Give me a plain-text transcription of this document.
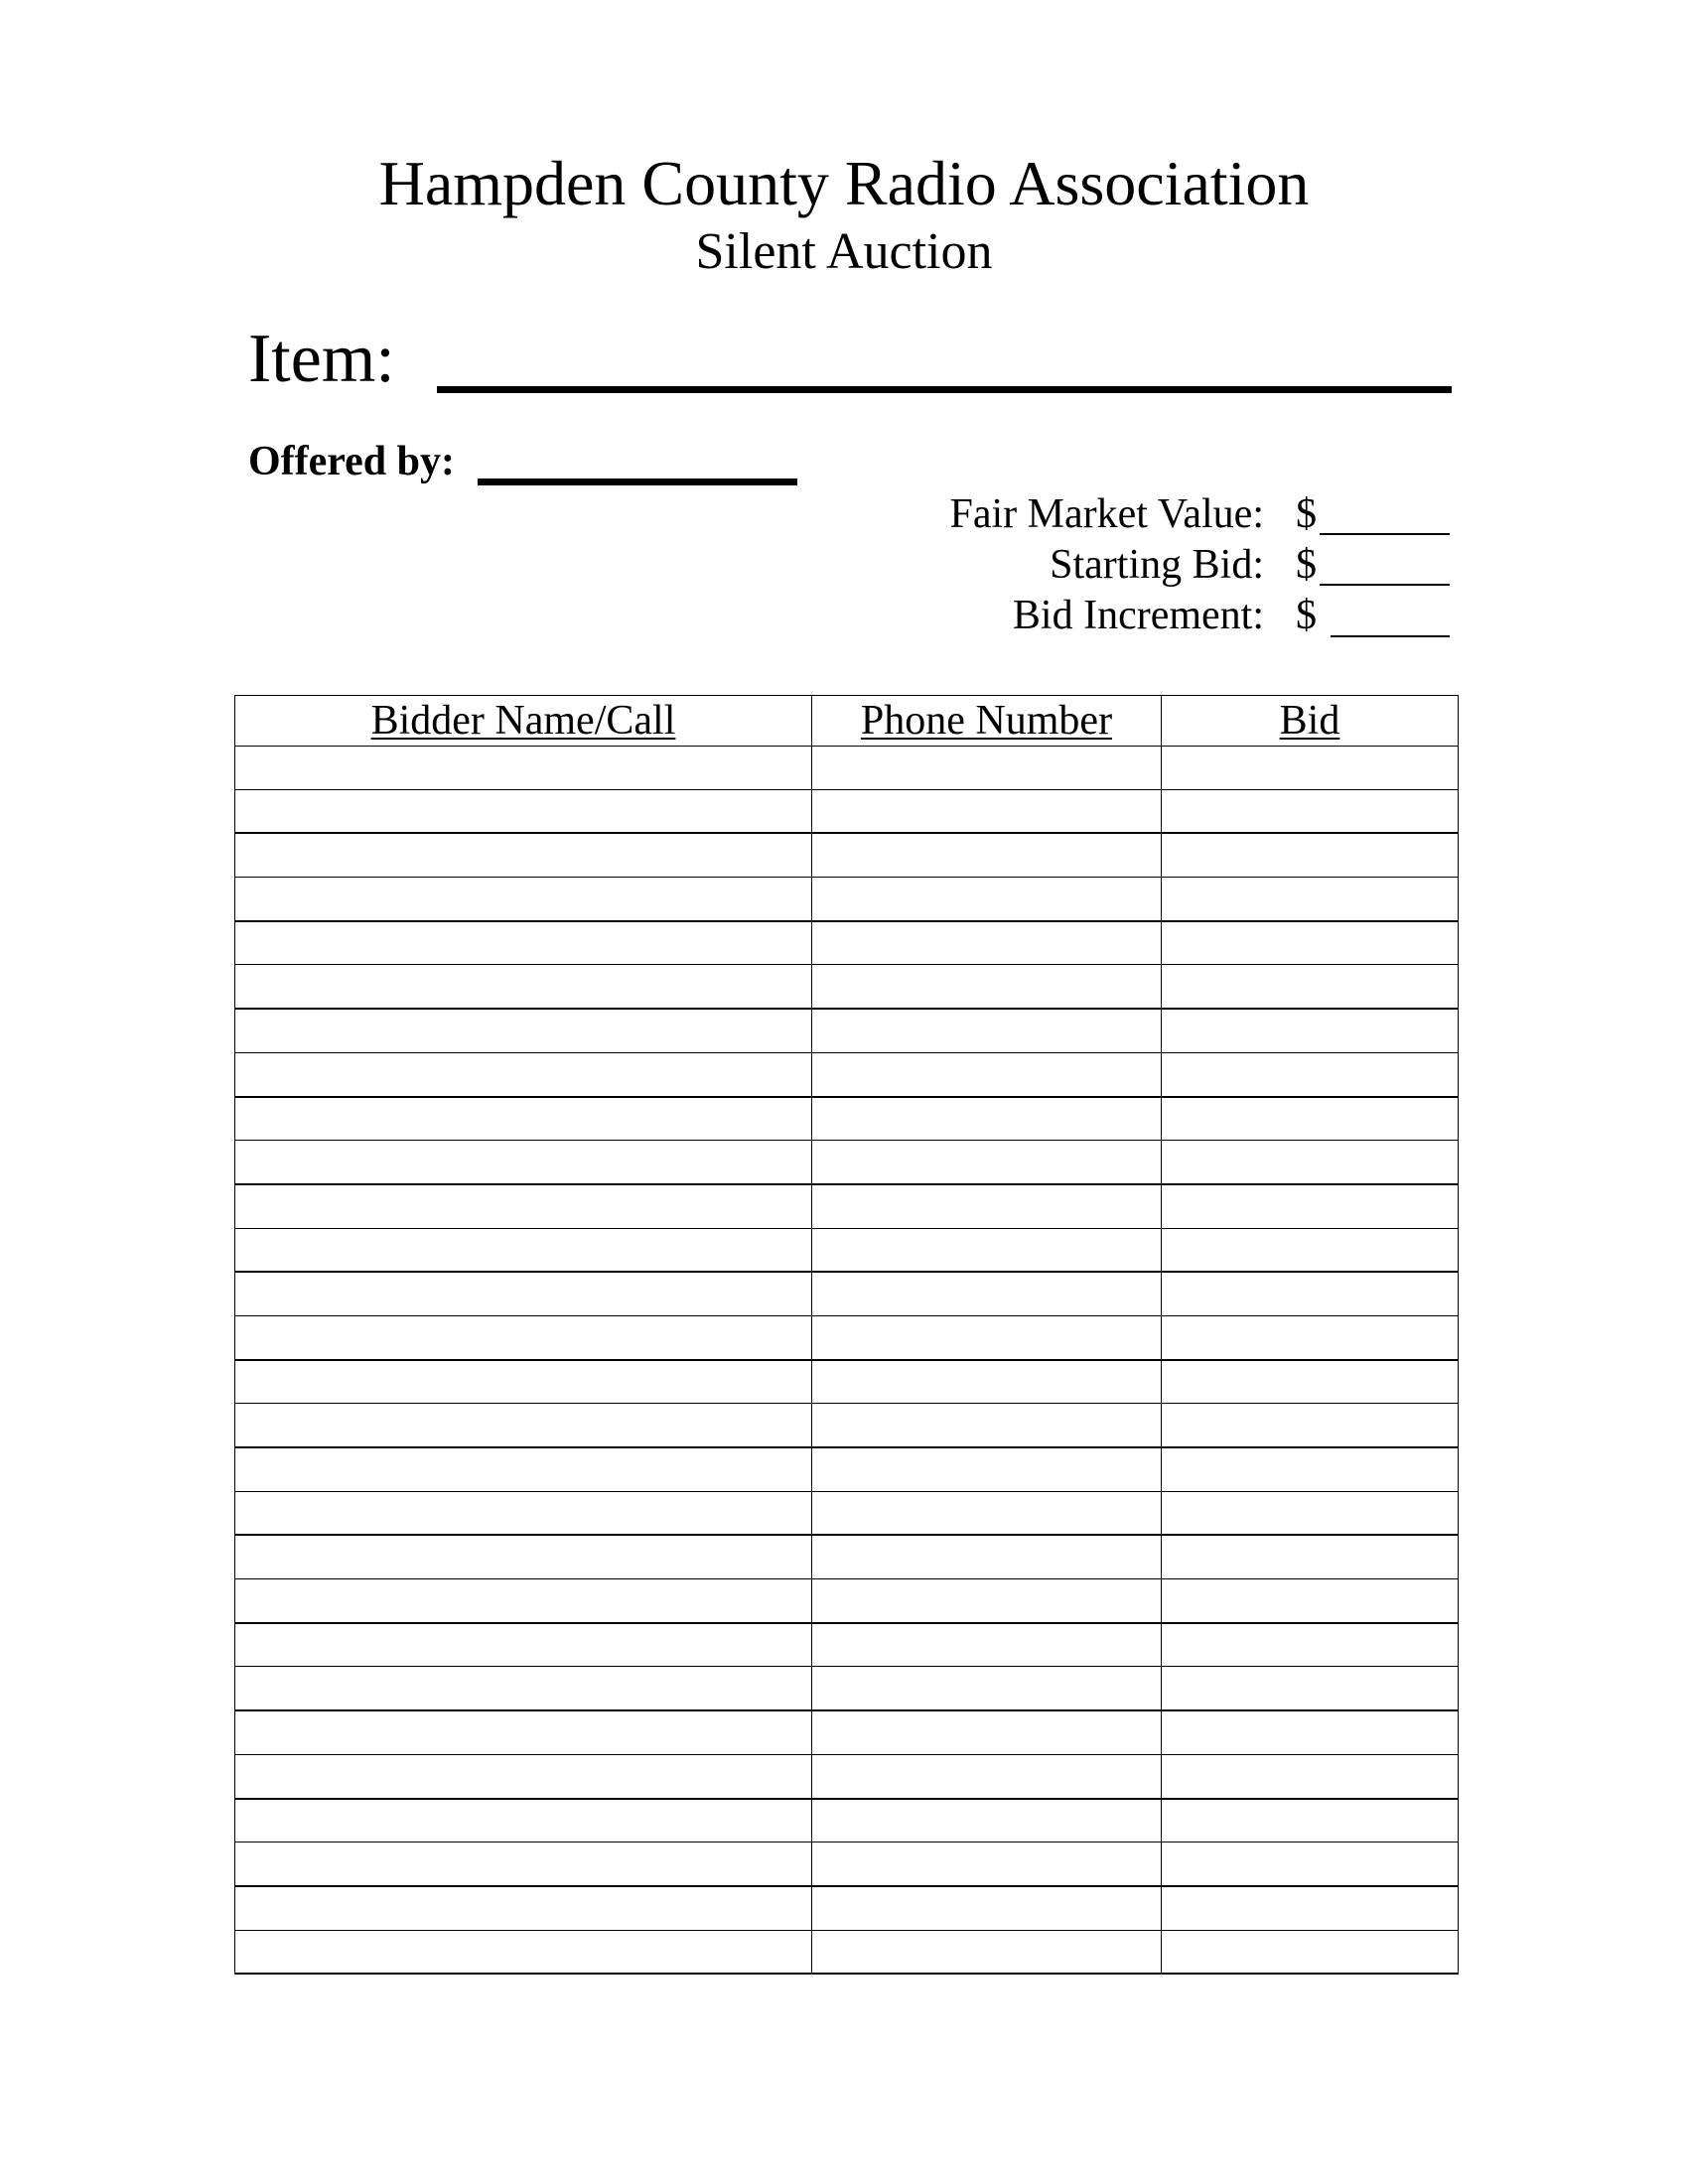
Hampden County Radio Association
Silent Auction
Item:
Offered by:
Fair Market Value: $
Starting Bid: $
Bid Increment: $
Bidder Name/Call	Phone Number	Bid
